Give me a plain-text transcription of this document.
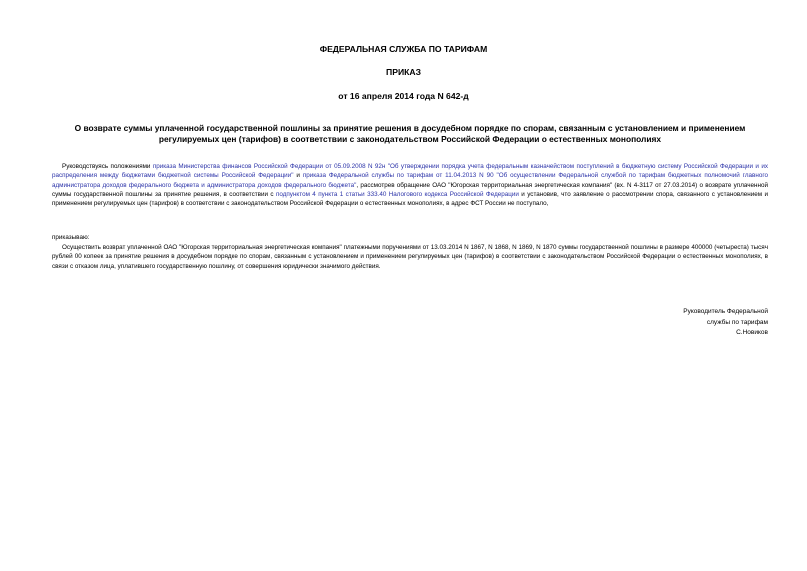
ФЕДЕРАЛЬНАЯ СЛУЖБА ПО ТАРИФАМ
ПРИКАЗ
от 16 апреля 2014 года N 642-д
О возврате суммы уплаченной государственной пошлины за принятие решения в досудебном порядке по спорам, связанным с установлением и применением регулируемых цен (тарифов) в соответствии с законодательством Российской Федерации о естественных монополиях
Руководствуясь положениями приказа Министерства финансов Российской Федерации от 05.09.2008 N 92н "Об утверждении порядка учета федеральным казначейством поступлений в бюджетную систему Российской Федерации и их распределения между бюджетами бюджетной системы Российской Федерации" и приказа Федеральной службы по тарифам от 11.04.2013 N 90 "Об осуществлении Федеральной службой по тарифам бюджетных полномочий главного администратора доходов федерального бюджета и администратора доходов федерального бюджета", рассмотрев обращение ОАО "Югорская территориальная энергетическая компания" (вх. N 4-3117 от 27.03.2014) о возврате уплаченной суммы государственной пошлины за принятие решения, в соответствии с подпунктом 4 пункта 1 статьи 333.40 Налогового кодекса Российской Федерации и установив, что заявление о рассмотрении спора, связанного с установлением и применением регулируемых цен (тарифов) в соответствии с законодательством Российской Федерации о естественных монополиях, в адрес ФСТ России не поступало,
приказываю:
Осуществить возврат уплаченной ОАО "Югорская территориальная энергетическая компания" платежными поручениями от 13.03.2014 N 1867, N 1868, N 1869, N 1870 суммы государственной пошлины в размере 400000 (четыреста) тысяч рублей 00 копеек за принятие решения в досудебном порядке по спорам, связанным с установлением и применением регулируемых цен (тарифов) в соответствии с законодательством Российской Федерации о естественных монополиях, в связи с отказом лица, уплатившего государственную пошлину, от совершения юридически значимого действия.
Руководитель Федеральной
службы по тарифам
С.Новиков
